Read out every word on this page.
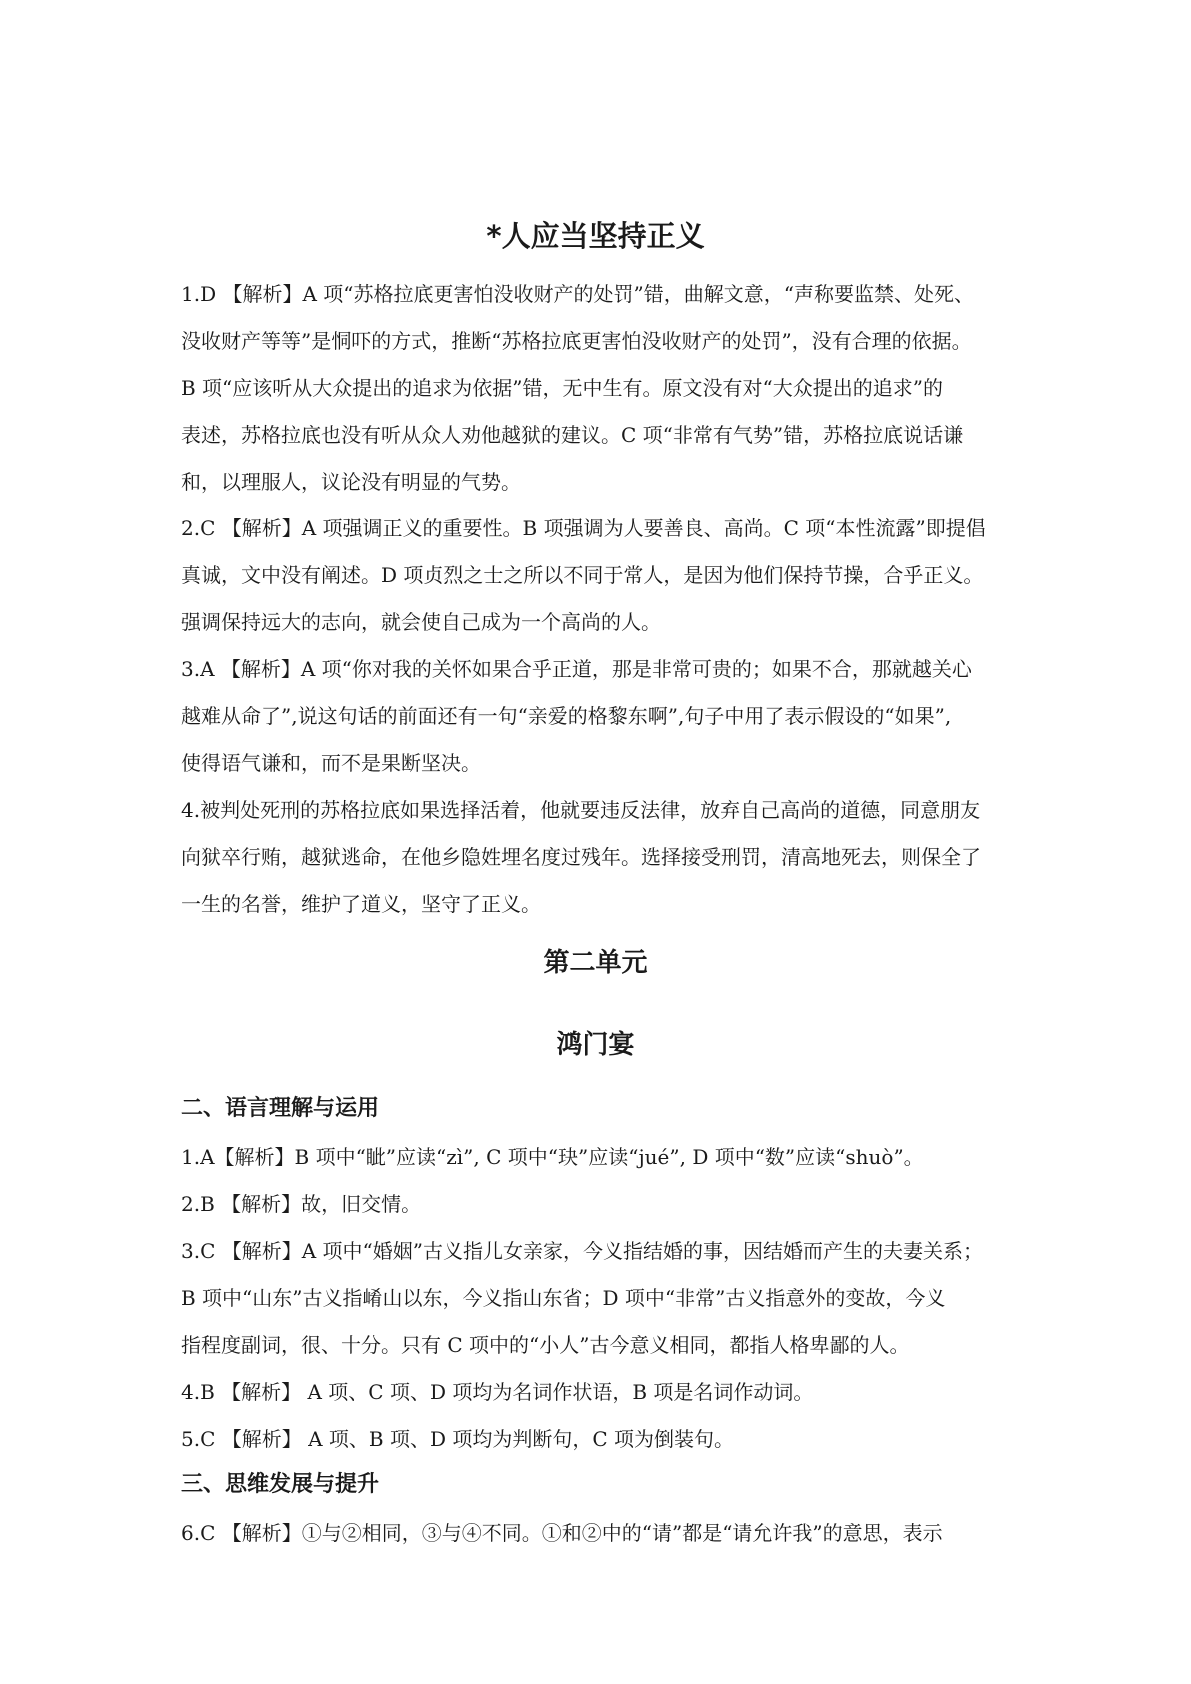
*人应当坚持正义

1.D 【解析】A 项“苏格拉底更害怕没收财产的处罚”错，曲解文意，“声称要监禁、处死、
没收财产等等”是恫吓的方式，推断“苏格拉底更害怕没收财产的处罚”，没有合理的依据。
B 项“应该听从大众提出的追求为依据”错，无中生有。原文没有对“大众提出的追求”的
表述，苏格拉底也没有听从众人劝他越狱的建议。C 项“非常有气势”错，苏格拉底说话谦
和，以理服人，议论没有明显的气势。

2.C 【解析】A 项强调正义的重要性。B 项强调为人要善良、高尚。C 项“本性流露”即提倡
真诚，文中没有阐述。D 项贞烈之士之所以不同于常人，是因为他们保持节操，合乎正义。
强调保持远大的志向，就会使自己成为一个高尚的人。

3.A 【解析】A 项“你对我的关怀如果合乎正道，那是非常可贵的；如果不合，那就越关心
越难从命了”,说这句话的前面还有一句“亲爱的格黎东啊”,句子中用了表示假设的“如果”,
使得语气谦和，而不是果断坚决。

4.被判处死刑的苏格拉底如果选择活着，他就要违反法律，放弃自己高尚的道德，同意朋友
向狱卒行贿，越狱逃命，在他乡隐姓埋名度过残年。选择接受刑罚，清高地死去，则保全了
一生的名誉，维护了道义，坚守了正义。

第二单元
鸿门宴
二、语言理解与运用

1.A【解析】B 项中“眦”应读“zì”, C 项中“玦”应读“jué”, D 项中“数”应读“shuò”。

2.B 【解析】故，旧交情。

3.C 【解析】A 项中“婚姻”古义指儿女亲家，今义指结婚的事，因结婚而产生的夫妻关系；
B 项中“山东”古义指崤山以东，今义指山东省；D 项中“非常”古义指意外的变故，今义
指程度副词，很、十分。只有 C 项中的“小人”古今意义相同，都指人格卑鄙的人。

4.B 【解析】 A 项、C 项、D 项均为名词作状语，B 项是名词作动词。

5.C 【解析】 A 项、B 项、D 项均为判断句，C 项为倒装句。

三、思维发展与提升

6.C 【解析】①与②相同，③与④不同。①和②中的“请”都是“请允许我”的意思，表示
